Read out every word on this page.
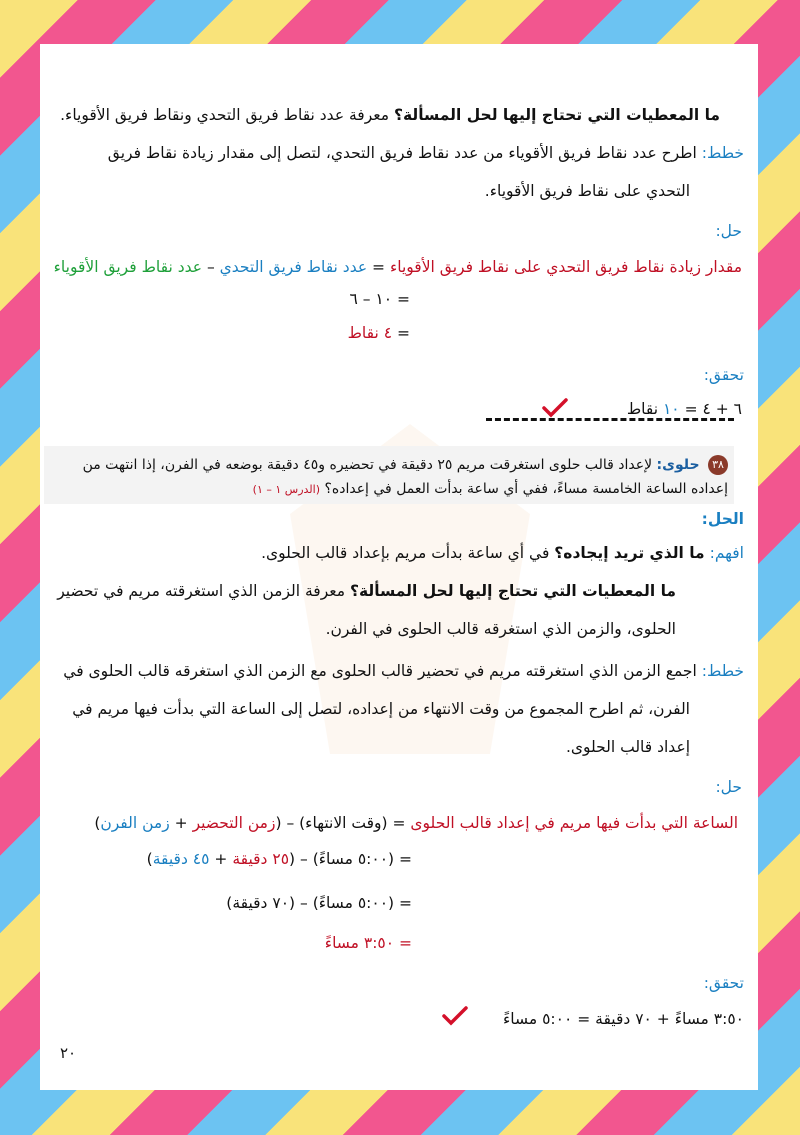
ما المعطيات التي تحتاج إليها لحل المسألة؟ معرفة عدد نقاط فريق التحدي ونقاط فريق الأقوياء.
خطط: اطرح عدد نقاط فريق الأقوياء من عدد نقاط فريق التحدي، لتصل إلى مقدار زيادة نقاط فريق
التحدي على نقاط فريق الأقوياء.
حل:
مقدار زيادة نقاط فريق التحدي على نقاط فريق الأقوياء = عدد نقاط فريق التحدي – عدد نقاط فريق الأقوياء
= ١٠ – ٦
= ٤ نقاط
تحقق:
٦ + ٤ = ١٠ نقاط
٣٨ حلوى: لإعداد قالب حلوى استغرقت مريم ٢٥ دقيقة في تحضيره و٤٥ دقيقة بوضعه في الفرن، إذا انتهت من
إعداده الساعة الخامسة مساءً، ففي أي ساعة بدأت العمل في إعداده؟ (الدرس ١ – ١)
الحل:
افهم: ما الذي تريد إيجاده؟ في أي ساعة بدأت مريم بإعداد قالب الحلوى.
ما المعطيات التي تحتاج إليها لحل المسألة؟ معرفة الزمن الذي استغرقته مريم في تحضير
الحلوى، والزمن الذي استغرقه قالب الحلوى في الفرن.
خطط: اجمع الزمن الذي استغرقته مريم في تحضير قالب الحلوى مع الزمن الذي استغرقه قالب الحلوى في
الفرن، ثم اطرح المجموع من وقت الانتهاء من إعداده، لتصل إلى الساعة التي بدأت فيها مريم في
إعداد قالب الحلوى.
حل:
الساعة التي بدأت فيها مريم في إعداد قالب الحلوى = (وقت الانتهاء) – (زمن التحضير + زمن الفرن)
= (٥:٠٠ مساءً) – (٢٥ دقيقة + ٤٥ دقيقة)
= (٥:٠٠ مساءً) – (٧٠ دقيقة)
= ٣:٥٠ مساءً
تحقق:
٣:٥٠ مساءً + ٧٠ دقيقة = ٥:٠٠ مساءً
٢٠
